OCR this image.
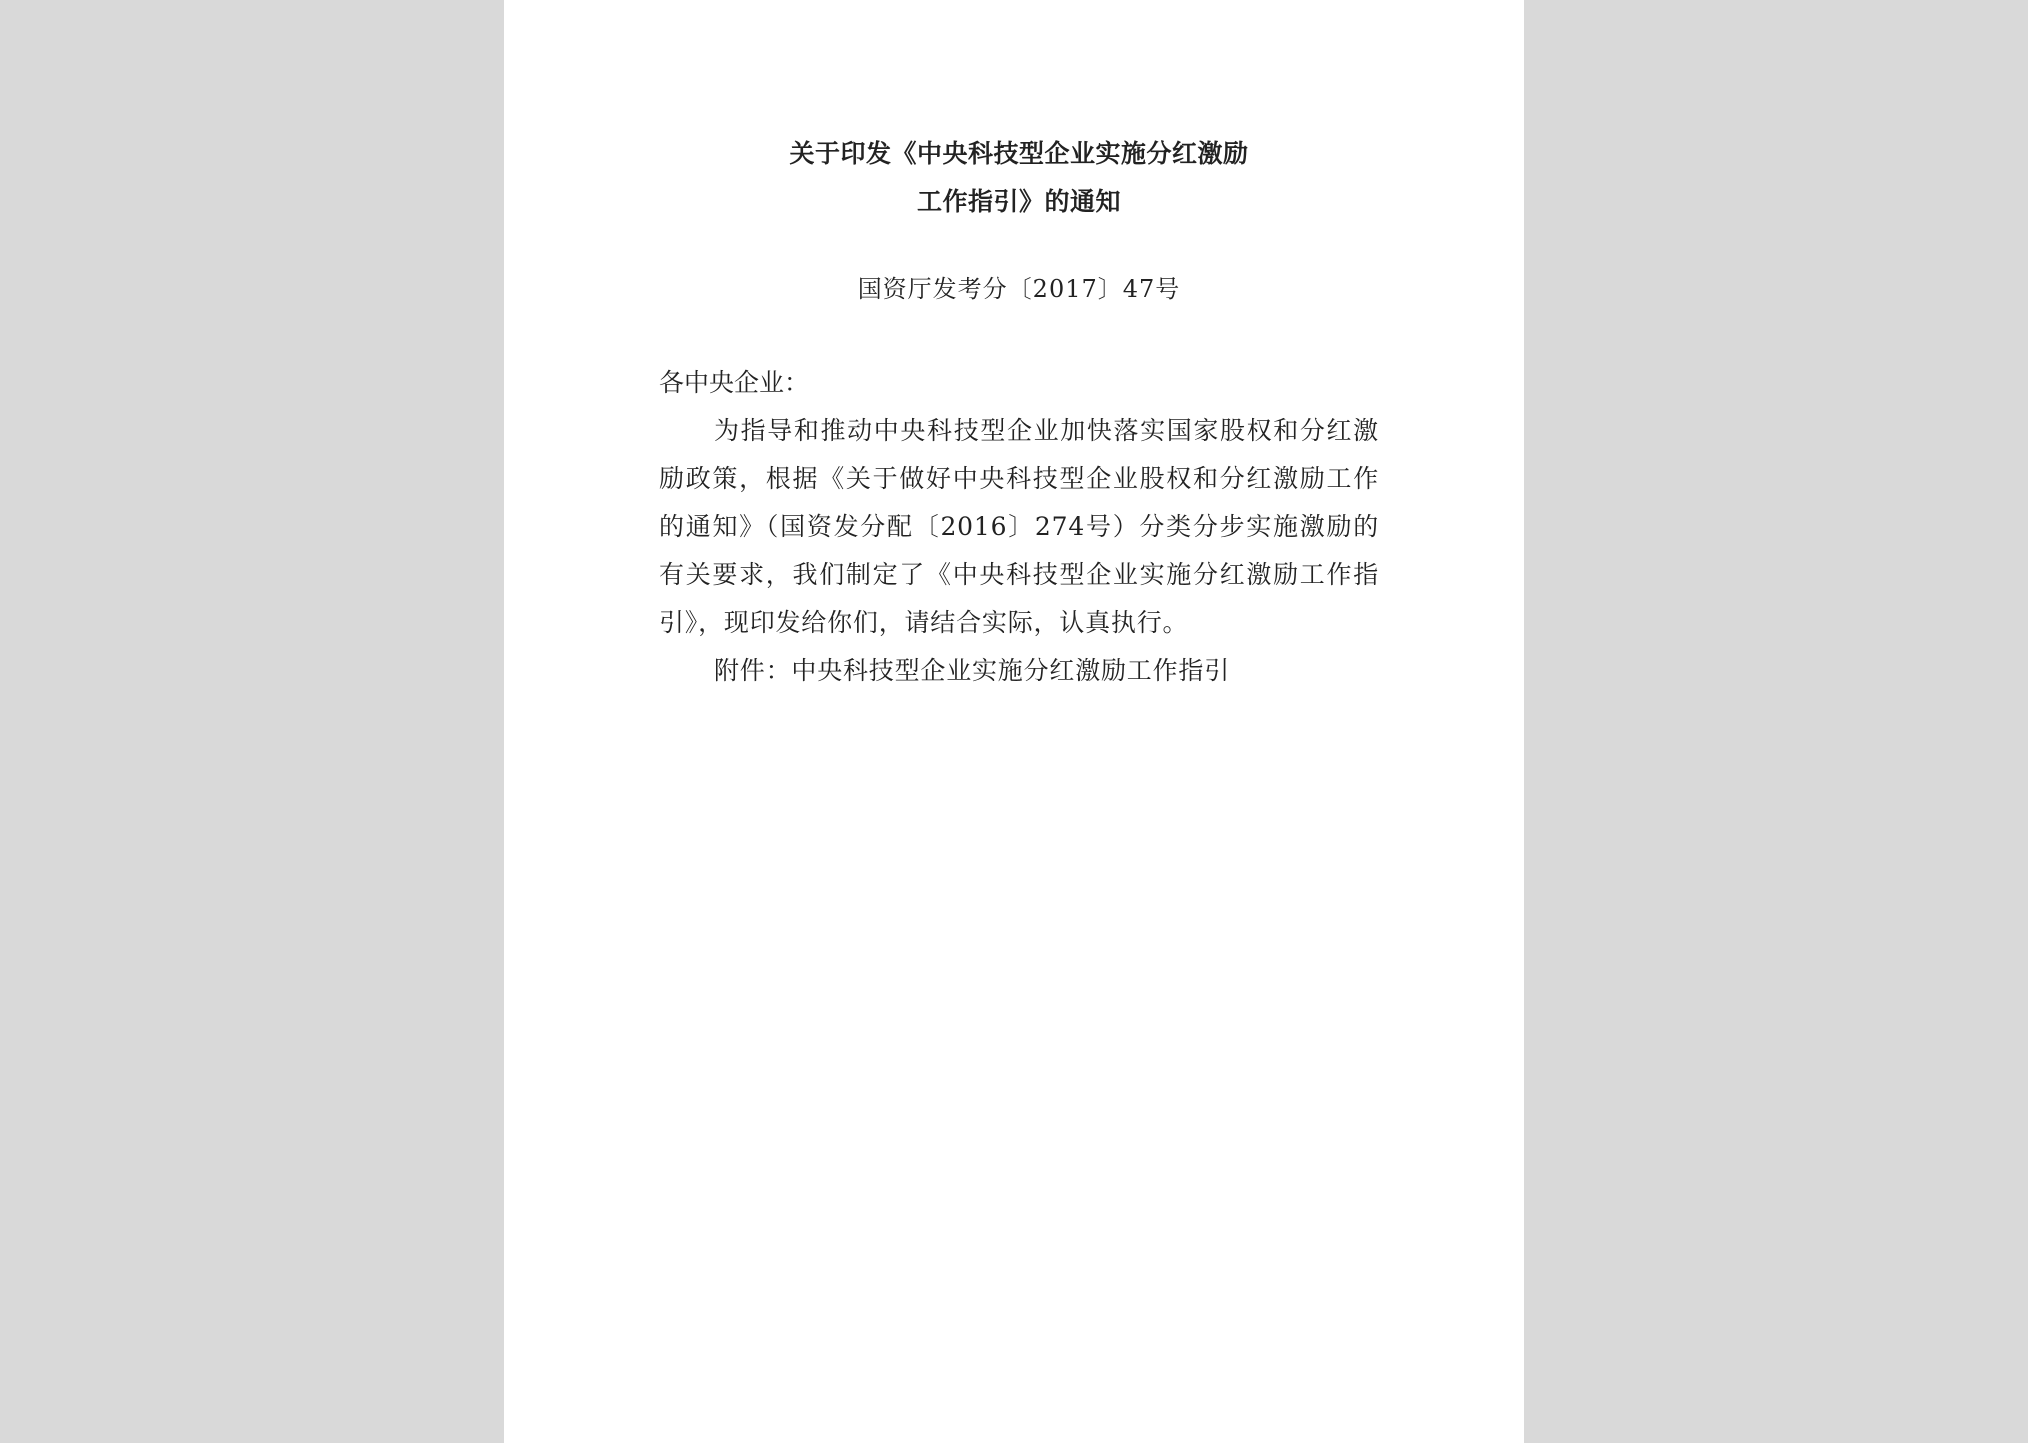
关于印发《中央科技型企业实施分红激励
工作指引》的通知
国资厅发考分〔2017〕47号
各中央企业：

为指导和推动中央科技型企业加快落实国家股权和分红激励政策，根据《关于做好中央科技型企业股权和分红激励工作的通知》（国资发分配〔2016〕274号）分类分步实施激励的有关要求，我们制定了《中央科技型企业实施分红激励工作指引》，现印发给你们，请结合实际，认真执行。

附件：中央科技型企业实施分红激励工作指引
